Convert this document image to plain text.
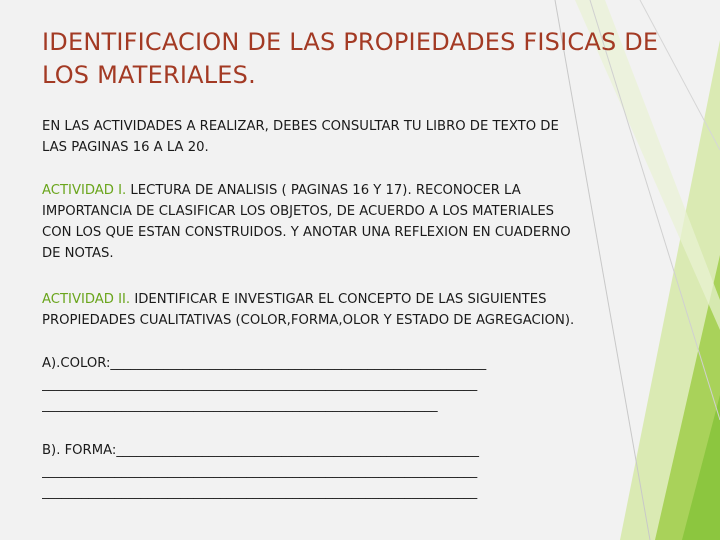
IDENTIFICACION DE LAS PROPIEDADES FISICAS DE
LOS MATERIALES.
EN LAS ACTIVIDADES A REALIZAR, DEBES CONSULTAR TU LIBRO DE TEXTO DE
LAS PAGINAS 16 A LA 20.
ACTIVIDAD I. LECTURA DE ANALISIS ( PAGINAS 16 Y 17). RECONOCER LA
IMPORTANCIA DE CLASIFICAR LOS OBJETOS, DE ACUERDO A LOS MATERIALES
CON LOS QUE ESTAN CONSTRUIDOS. Y ANOTAR UNA REFLEXION EN CUADERNO
DE NOTAS.
ACTIVIDAD II. IDENTIFICAR E INVESTIGAR EL CONCEPTO DE LAS SIGUIENTES
PROPIEDADES CUALITATIVAS (COLOR,FORMA,OLOR Y ESTADO DE AGREGACION).
A).COLOR:_________________________________________________________
__________________________________________________________________
____________________________________________________________
B). FORMA:_______________________________________________________
__________________________________________________________________
__________________________________________________________________
